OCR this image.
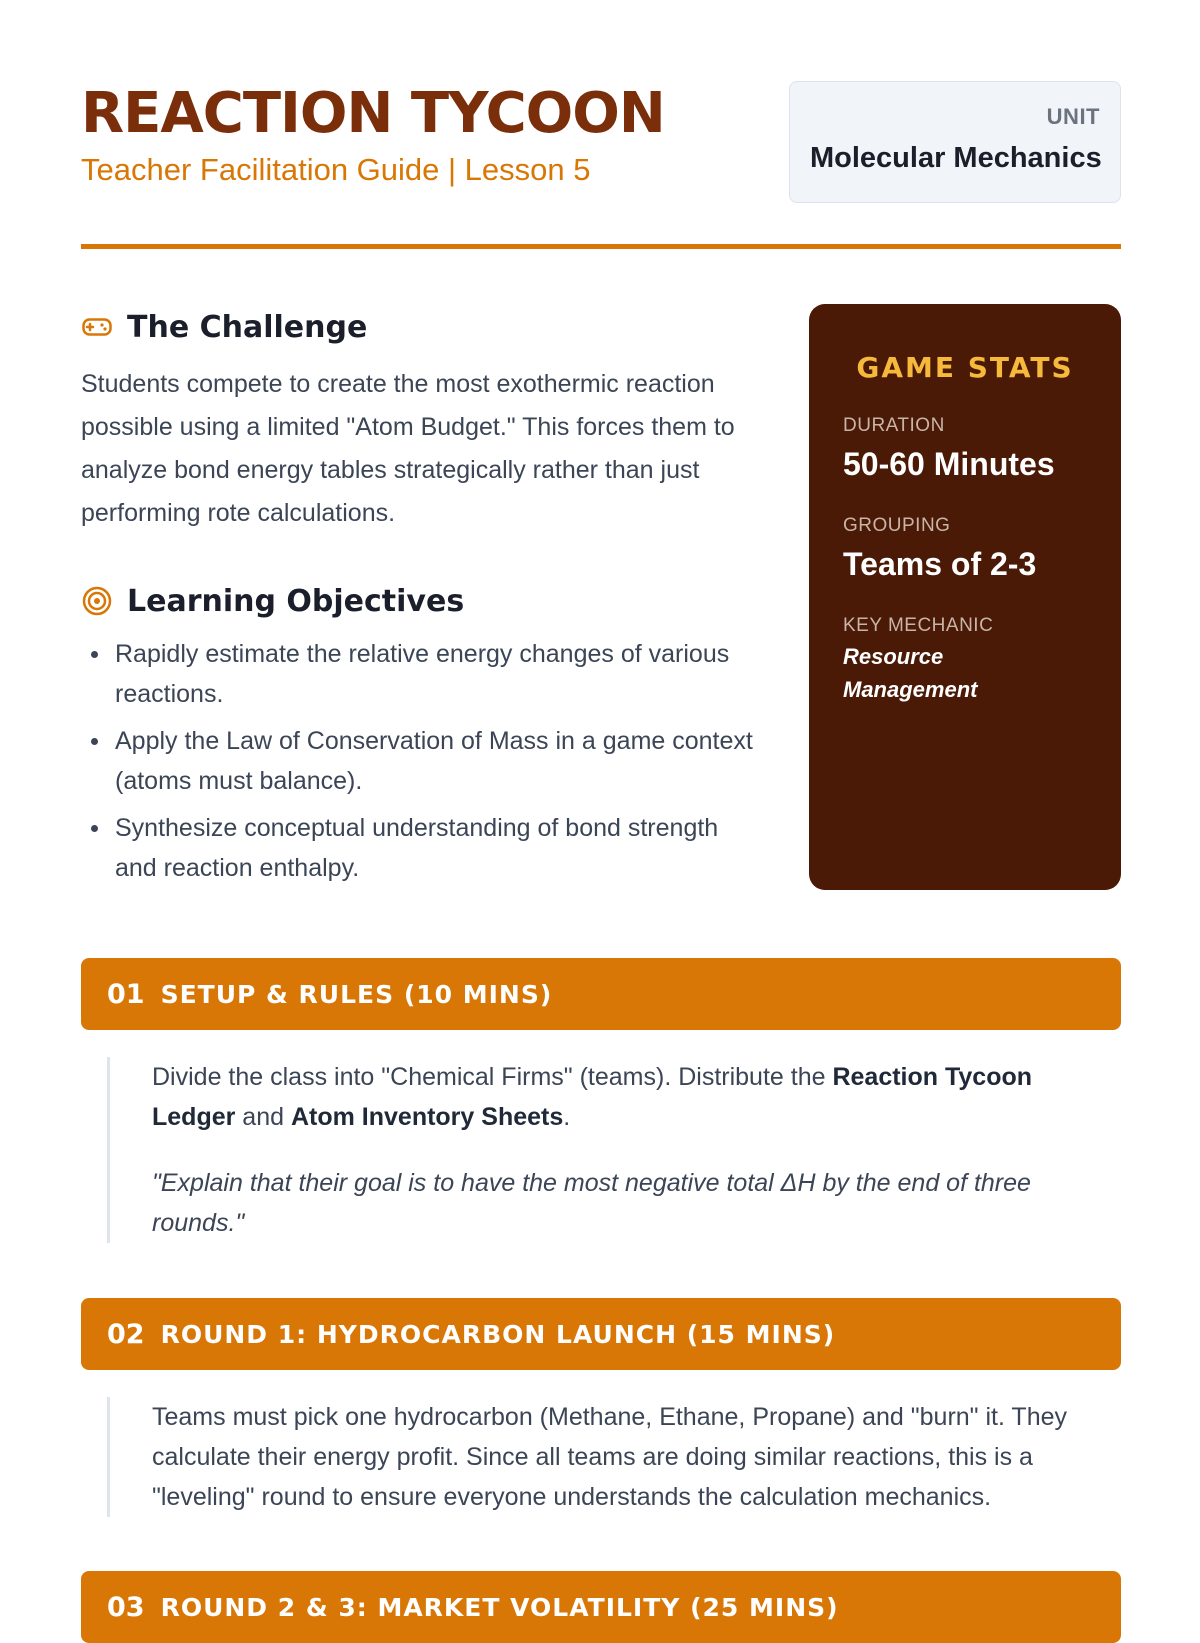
REACTION TYCOON
Teacher Facilitation Guide | Lesson 5
UNIT
Molecular Mechanics
The Challenge
Students compete to create the most exothermic reaction possible using a limited "Atom Budget." This forces them to analyze bond energy tables strategically rather than just performing rote calculations.
Learning Objectives
Rapidly estimate the relative energy changes of various reactions.
Apply the Law of Conservation of Mass in a game context (atoms must balance).
Synthesize conceptual understanding of bond strength and reaction enthalpy.
GAME STATS
DURATION
50-60 Minutes
GROUPING
Teams of 2-3
KEY MECHANIC
Resource Management
01 SETUP & RULES (10 MINS)

Divide the class into "Chemical Firms" (teams). Distribute the Reaction Tycoon Ledger and Atom Inventory Sheets.

"Explain that their goal is to have the most negative total ΔH by the end of three rounds."

02 ROUND 1: HYDROCARBON LAUNCH (15 MINS)

Teams must pick one hydrocarbon (Methane, Ethane, Propane) and "burn" it. They calculate their energy profit. Since all teams are doing similar reactions, this is a "leveling" round to ensure everyone understands the calculation mechanics.

03 ROUND 2 & 3: MARKET VOLATILITY (25 MINS)
